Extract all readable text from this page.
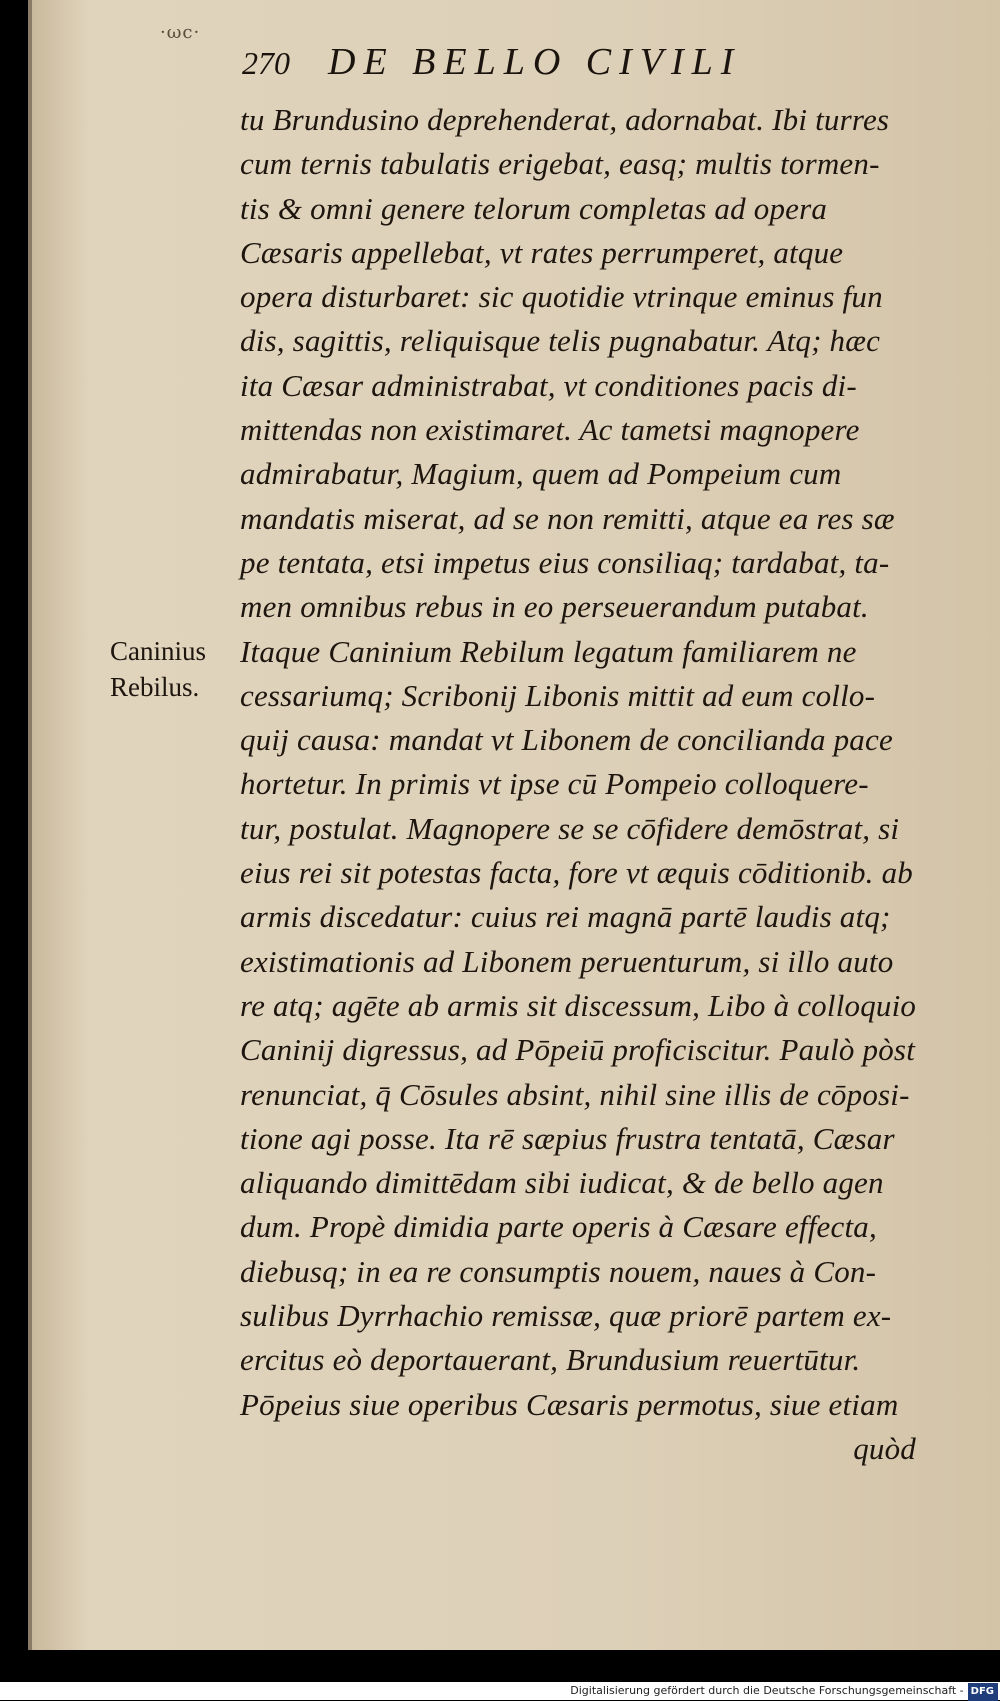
·ωc·
270 DE BELLO CIVILI
Caninius
Rebilus.
tu Brundusino deprehenderat, adornabat. Ibi turres
cum ternis tabulatis erigebat, easq; multis tormen-
tis & omni genere telorum completas ad opera
Cæsaris appellebat, vt rates perrumperet, atque
opera disturbaret: sic quotidie vtrinque eminus fun
dis, sagittis, reliquisque telis pugnabatur. Atq; hæc
ita Cæsar administrabat, vt conditiones pacis di-
mittendas non existimaret. Ac tametsi magnopere
admirabatur, Magium, quem ad Pompeium cum
mandatis miserat, ad se non remitti, atque ea res sæ
pe tentata, etsi impetus eius consiliaq; tardabat, ta-
men omnibus rebus in eo perseuerandum putabat.
Itaque Caninium Rebilum legatum familiarem ne
cessariumq; Scribonij Libonis mittit ad eum collo-
quij causa: mandat vt Libonem de concilianda pace
hortetur. In primis vt ipse cū Pompeio colloquere-
tur, postulat. Magnopere se se cōfidere demōstrat, si
eius rei sit potestas facta, fore vt æquis cōditionib. ab
armis discedatur: cuius rei magnā partē laudis atq;
existimationis ad Libonem peruenturum, si illo auto
re atq; agēte ab armis sit discessum, Libo à colloquio
Caninij digressus, ad Pōpeiū proficiscitur. Paulò pòst
renunciat, q̄ Cōsules absint, nihil sine illis de cōposi-
tione agi posse. Ita rē sæpius frustra tentatā, Cæsar
aliquando dimittēdam sibi iudicat, & de bello agen
dum. Propè dimidia parte operis à Cæsare effecta,
diebusq; in ea re consumptis nouem, naues à Con-
sulibus Dyrrhachio remissæ, quæ priorē partem ex-
ercitus eò deportauerant, Brundusium reuertūtur.
Pōpeius siue operibus Cæsaris permotus, siue etiam
quòd
Digitalisierung gefördert durch die Deutsche Forschungsgemeinschaft - DFG
